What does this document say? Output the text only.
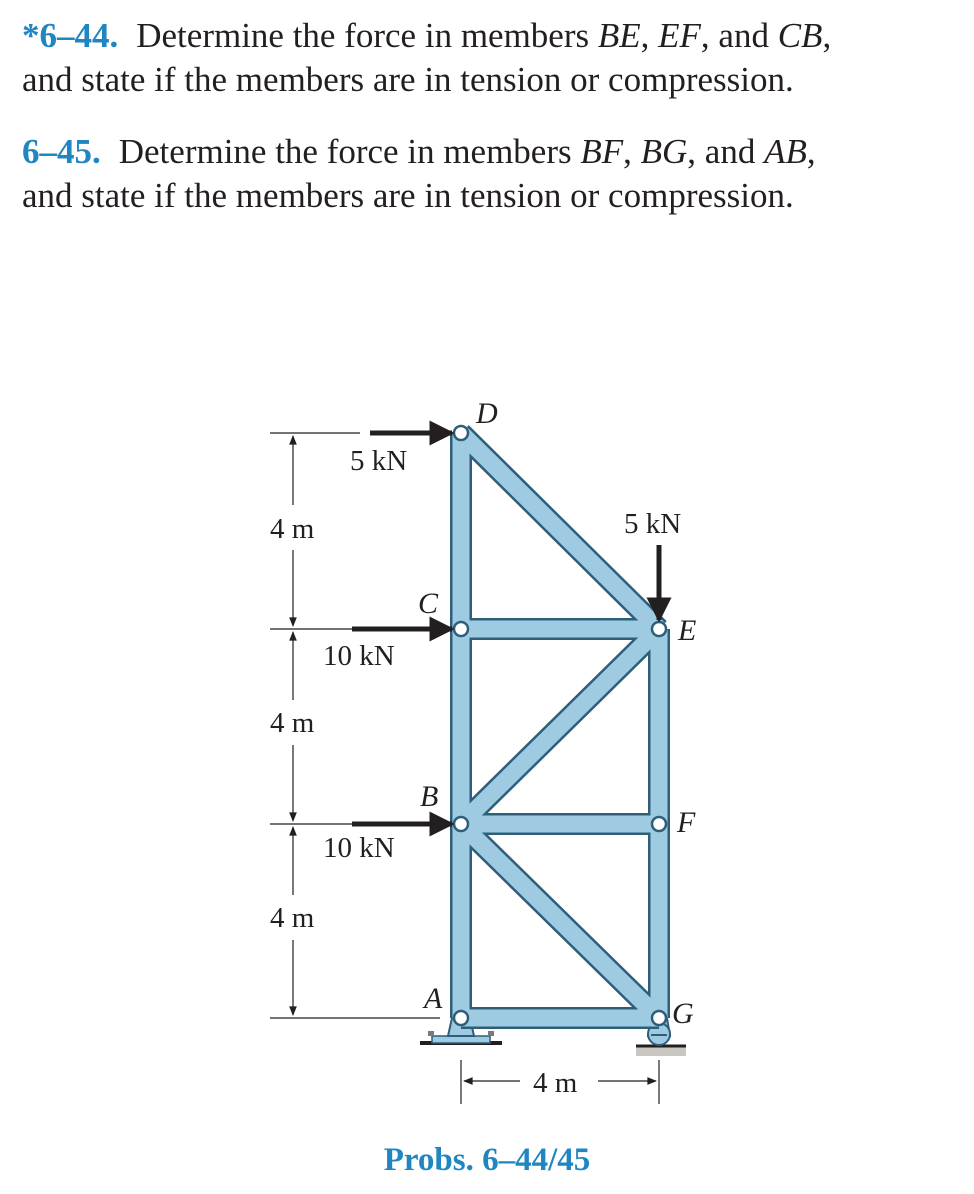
*6–44. Determine the force in members BE, EF, and CB,
and state if the members are in tension or compression.

6–45. Determine the force in members BF, BG, and AB,
and state if the members are in tension or compression.

D
C
B
A
E
F
G
5 kN
10 kN
10 kN
5 kN
4 m
4 m
4 m
4 m
Probs. 6–44/45
